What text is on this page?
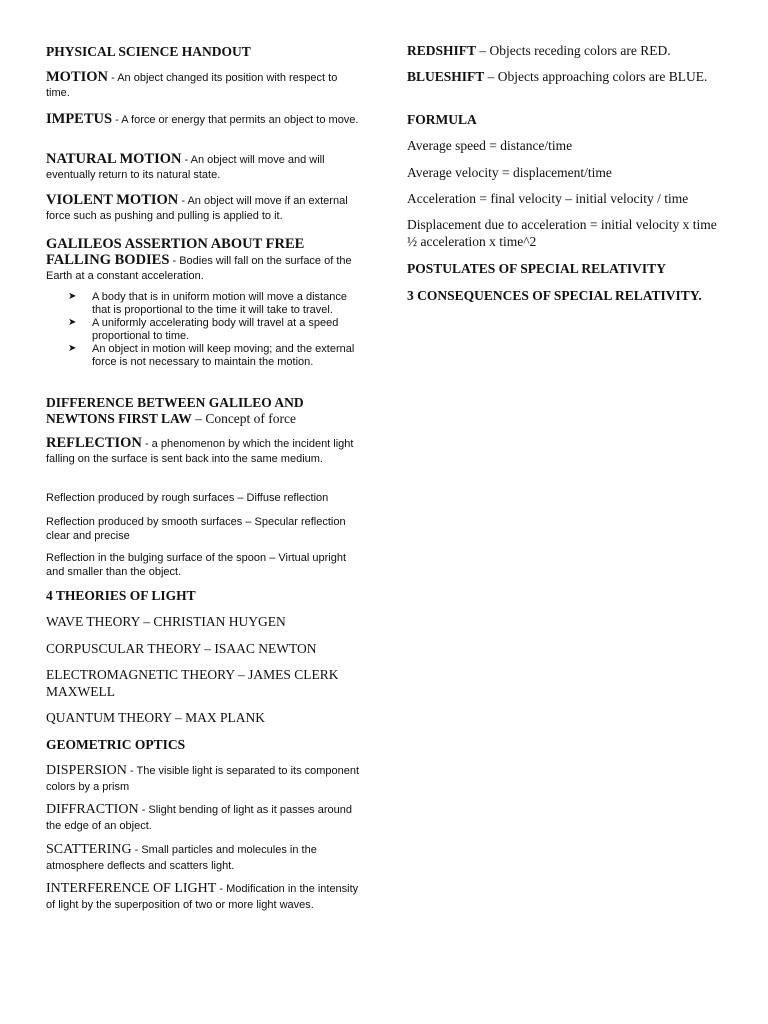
PHYSICAL SCIENCE HANDOUT
MOTION - An object changed its position with respect to time.
IMPETUS - A force or energy that permits an object to move.
NATURAL MOTION - An object will move and will eventually return to its natural state.
VIOLENT MOTION - An object will move if an external force such as pushing and pulling is applied to it.
GALILEOS ASSERTION ABOUT FREE
FALLING BODIES - Bodies will fall on the surface of the Earth at a constant acceleration.
➤ A body that is in uniform motion will move a distance that is proportional to the time it will take to travel.
➤ A uniformly accelerating body will travel at a speed proportional to time.
➤ An object in motion will keep moving; and the external force is not necessary to maintain the motion.
DIFFERENCE BETWEEN GALILEO AND
NEWTONS FIRST LAW – Concept of force
REFLECTION - a phenomenon by which the incident light falling on the surface is sent back into the same medium.
Reflection produced by rough surfaces – Diffuse reflection
Reflection produced by smooth surfaces – Specular reflection clear and precise
Reflection in the bulging surface of the spoon – Virtual upright and smaller than the object.
4 THEORIES OF LIGHT
WAVE THEORY – CHRISTIAN HUYGEN
CORPUSCULAR THEORY – ISAAC NEWTON
ELECTROMAGNETIC THEORY – JAMES CLERK MAXWELL
QUANTUM THEORY – MAX PLANK
GEOMETRIC OPTICS
DISPERSION - The visible light is separated to its component colors by a prism
DIFFRACTION - Slight bending of light as it passes around the edge of an object.
SCATTERING - Small particles and molecules in the atmosphere deflects and scatters light.
INTERFERENCE OF LIGHT - Modification in the intensity of light by the superposition of two or more light waves.
REDSHIFT – Objects receding colors are RED.
BLUESHIFT – Objects approaching colors are BLUE.
FORMULA
Average speed = distance/time
Average velocity = displacement/time
Acceleration = final velocity – initial velocity / time
Displacement due to acceleration = initial velocity x time ½ acceleration x time^2
POSTULATES OF SPECIAL RELATIVITY
3 CONSEQUENCES OF SPECIAL RELATIVITY.
